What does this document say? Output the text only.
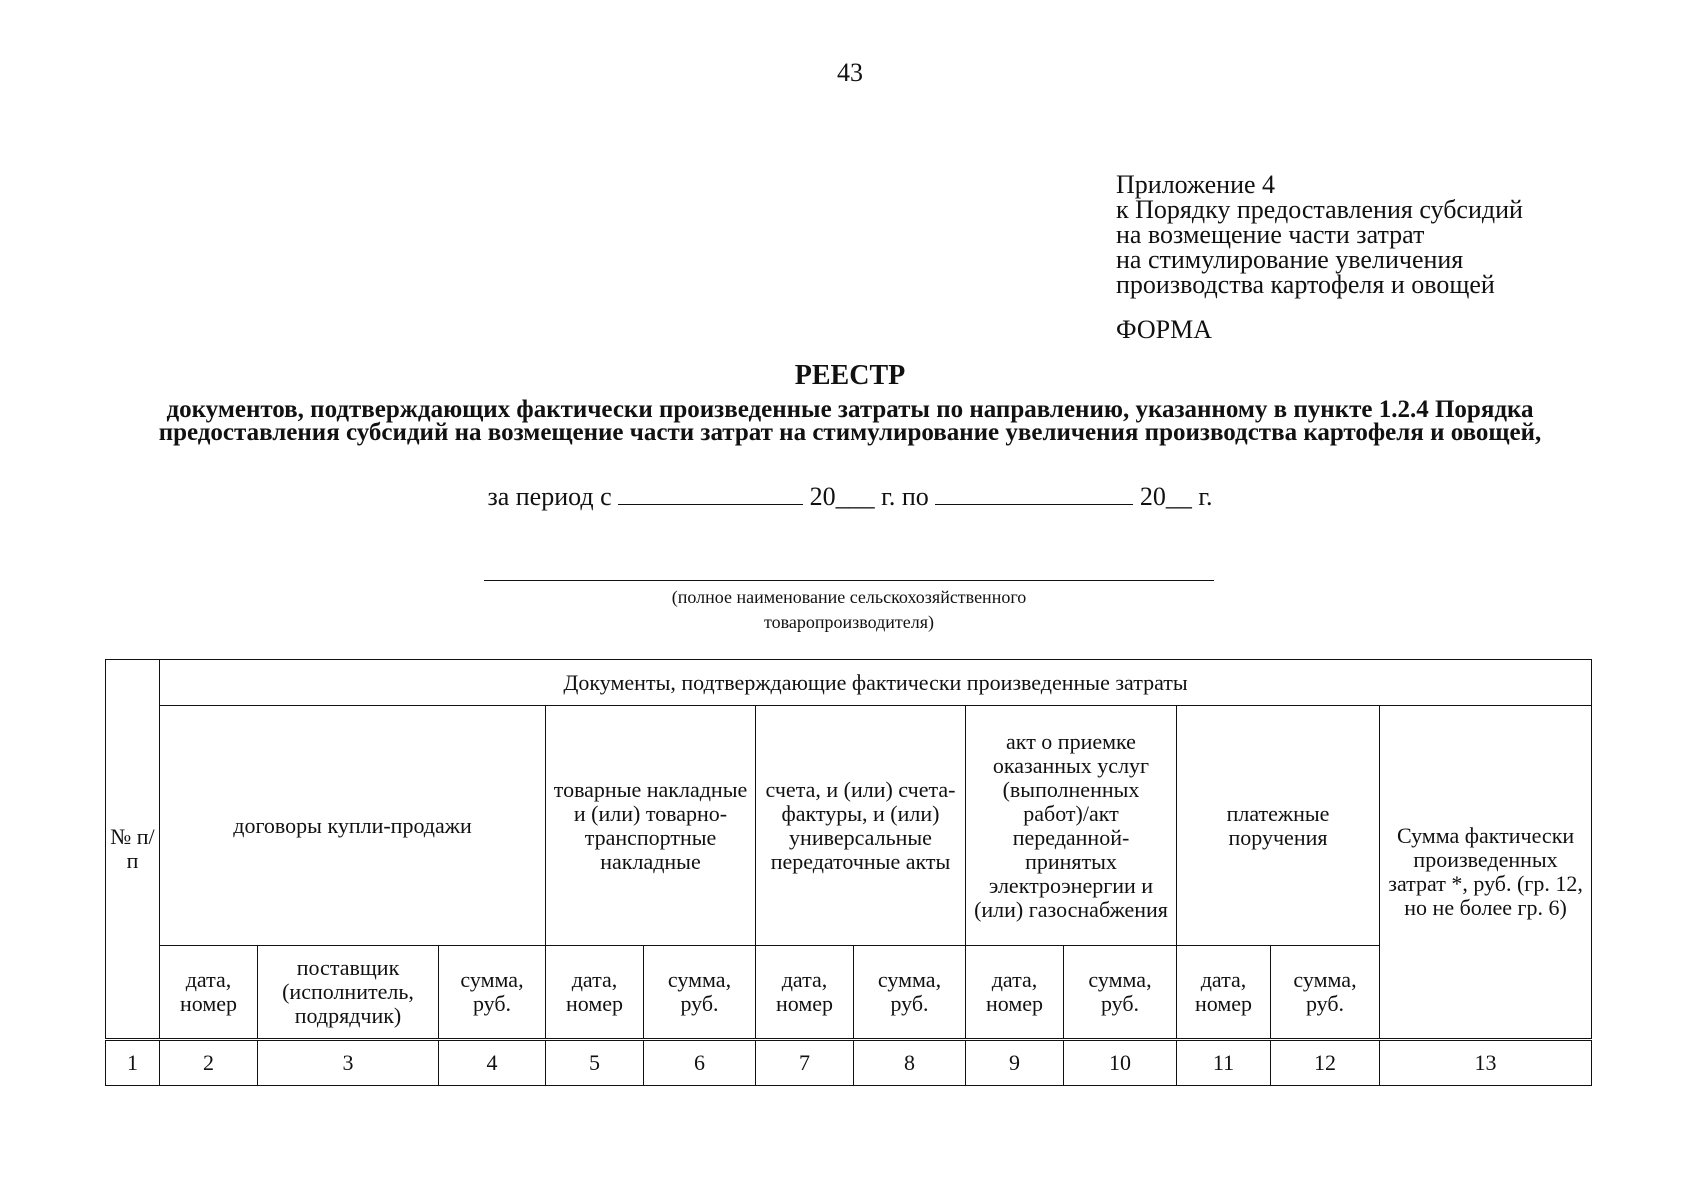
43
Приложение 4
к Порядку предоставления субсидий
на возмещение части затрат
на стимулирование увеличения
производства картофеля и овощей
ФОРМА
РЕЕСТР
документов, подтверждающих фактически произведенные затраты по направлению, указанному в пункте 1.2.4 Порядка предоставления субсидий на возмещение части затрат на стимулирование увеличения производства картофеля и овощей,
за период с	20___ г. по	20__ г.
(полное наименование сельскохозяйственного
товаропроизводителя)
№ п/п	Документы, подтверждающие фактически произведенные затраты											
	договоры купли-продажи			товарные накладные и (или) товарно-транспортные накладные		счета, и (или) счета-фактуры, и (или) универсальные передаточные акты		акт о приемке оказанных услуг (выполненных работ)/акт переданной-принятых электроэнергии и (или) газоснабжения		платежные поручения		Сумма фактически произведенных затрат *, руб. (гр. 12, но не более гр. 6)
	дата, номер	поставщик (исполнитель, подрядчик)	сумма, руб.	дата, номер	сумма, руб.	дата, номер	сумма, руб.	дата, номер	сумма, руб.	дата, номер	сумма, руб.	
1	2	3	4	5	6	7	8	9	10	11	12	13
